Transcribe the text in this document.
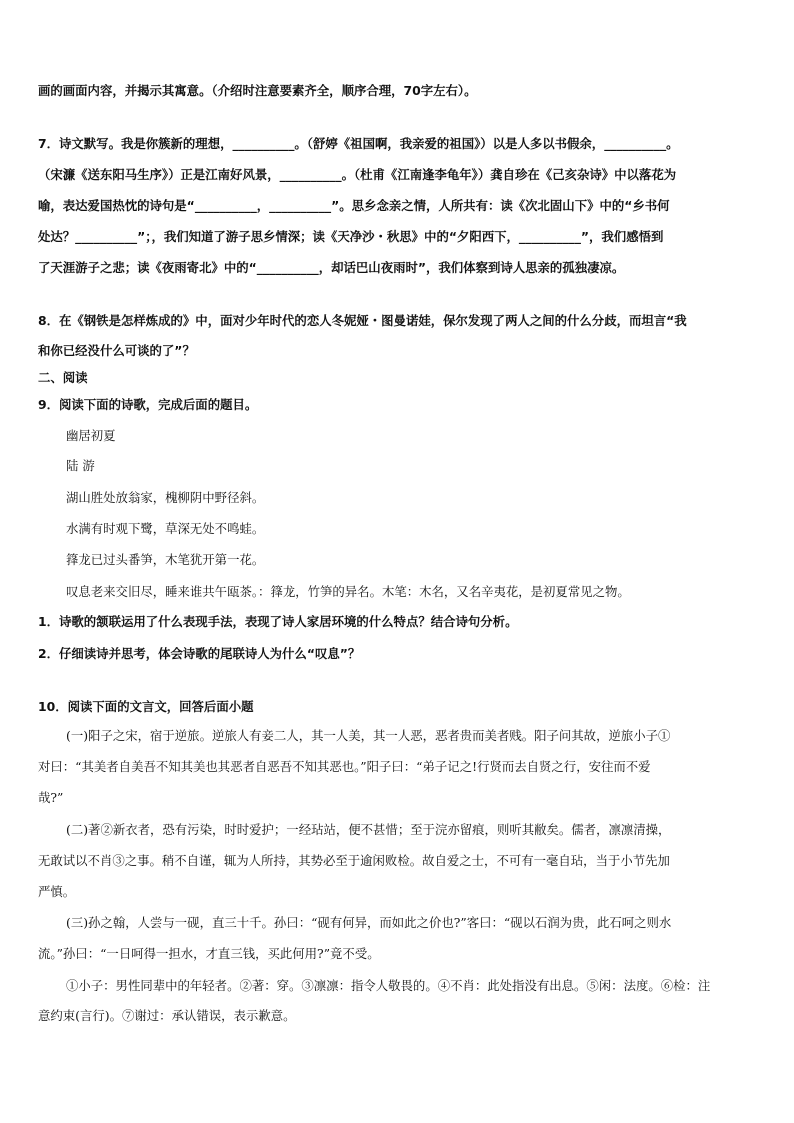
画的画面内容，并揭示其寓意。（介绍时注意要素齐全，顺序合理，70字左右）。
7．诗文默写。我是你簇新的理想，__________。（舒婷《祖国啊，我亲爱的祖国》）以是人多以书假余，__________。
（宋濂《送东阳马生序》）正是江南好风景，__________。（杜甫《江南逢李龟年》）龚自珍在《己亥杂诗》中以落花为
喻，表达爱国热忱的诗句是“__________，__________”。思乡念亲之情，人所共有：读《次北固山下》中的“乡书何
处达？__________”；，我们知道了游子思乡情深；读《天净沙・秋思》中的“夕阳西下，__________”，我们感悟到
了天涯游子之悲；读《夜雨寄北》中的“__________，却话巴山夜雨时”，我们体察到诗人思亲的孤独凄凉。
8．在《钢铁是怎样炼成的》中，面对少年时代的恋人冬妮娅・图曼诺娃，保尔发现了两人之间的什么分歧，而坦言“我
和你已经没什么可谈的了”？
二、阅读
9．阅读下面的诗歌，完成后面的题目。
幽居初夏
陆 游
湖山胜处放翁家，槐柳阴中野径斜。
水满有时观下鹭，草深无处不鸣蛙。
箨龙已过头番笋，木笔犹开第一花。
叹息老来交旧尽，睡来谁共午瓯茶。：箨龙，竹笋的异名。木笔：木名，又名辛夷花，是初夏常见之物。
1．诗歌的颔联运用了什么表现手法，表现了诗人家居环境的什么特点？结合诗句分析。
2．仔细读诗并思考，体会诗歌的尾联诗人为什么“叹息”？
10．阅读下面的文言文，回答后面小题
(一)阳子之宋，宿于逆旅。逆旅人有妾二人，其一人美，其一人恶，恶者贵而美者贱。阳子问其故，逆旅小子①
对曰：“其美者自美吾不知其美也其恶者自恶吾不知其恶也。”阳子曰：“弟子记之!行贤而去自贤之行，安往而不爱
哉?”
(二)著②新衣者，恐有污染，时时爱护；一经玷站，便不甚惜；至于浣亦留痕，则听其敝矣。儒者，凛凛清操，
无敢试以不肖③之事。稍不自谨，辄为人所持，其势必至于逾闲败检。故自爱之士，不可有一毫自玷，当于小节先加
严慎。
(三)孙之翰，人尝与一砚，直三十千。孙曰：“砚有何异，而如此之价也?”客曰：“砚以石润为贵，此石呵之则水
流。”孙曰：“一日呵得一担水，才直三钱，买此何用?”竟不受。
①小子：男性同辈中的年轻者。②著：穿。③凛凛：指令人敬畏的。④不肖：此处指没有出息。⑤闲：法度。⑥检：注
意约束(言行)。⑦谢过：承认错误，表示歉意。
